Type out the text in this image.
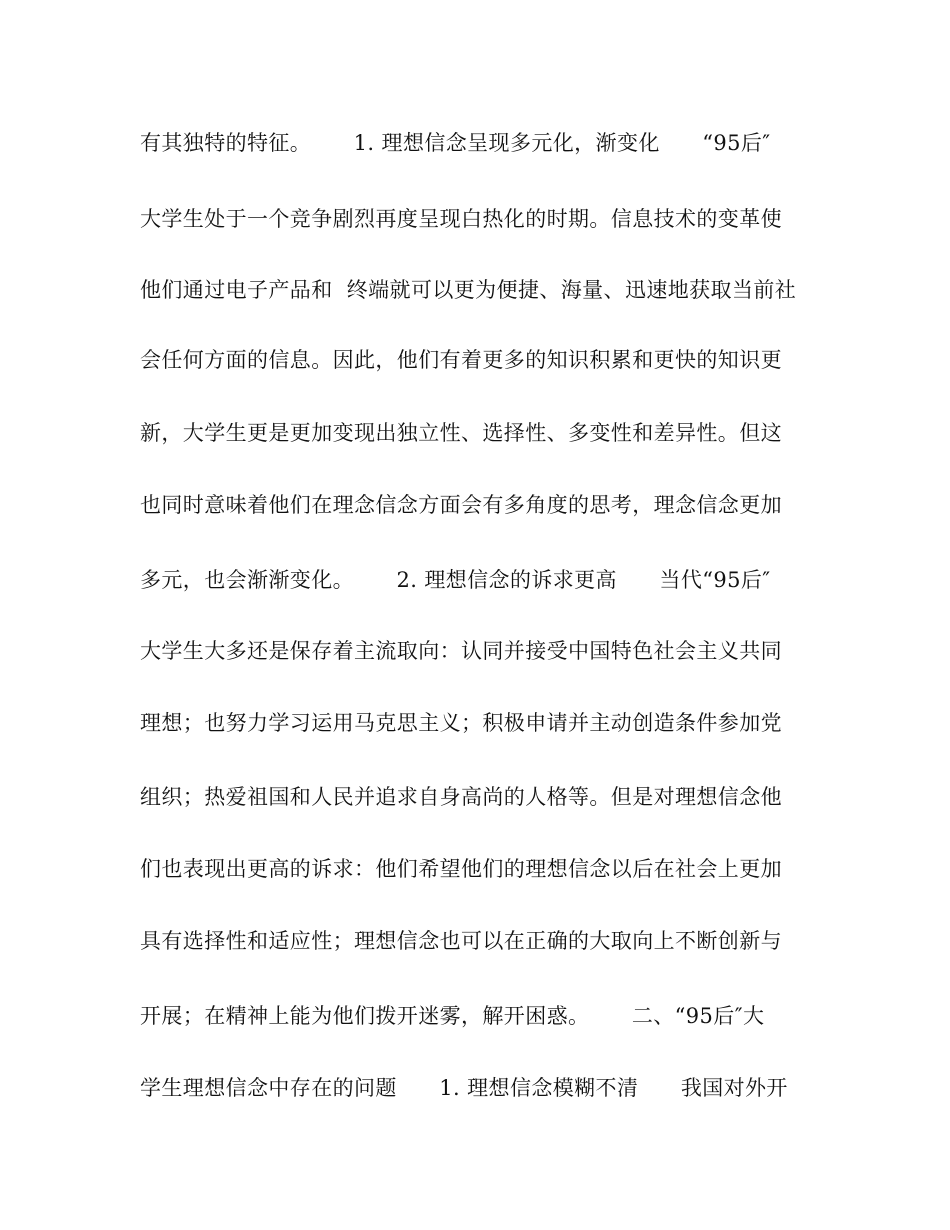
有其独特的特征。      1. 理想信念呈现多元化，渐变化      “95后″
大学生处于一个竞争剧烈再度呈现白热化的时期。信息技术的变革使
他们通过电子产品和  终端就可以更为便捷、海量、迅速地获取当前社
会任何方面的信息。因此，他们有着更多的知识积累和更快的知识更
新，大学生更是更加变现出独立性、选择性、多变性和差异性。但这
也同时意味着他们在理念信念方面会有多角度的思考，理念信念更加
多元，也会渐渐变化。      2. 理想信念的诉求更高      当代“95后″
大学生大多还是保存着主流取向：认同并接受中国特色社会主义共同
理想；也努力学习运用马克思主义；积极申请并主动创造条件参加党
组织；热爱祖国和人民并追求自身高尚的人格等。但是对理想信念他
们也表现出更高的诉求：他们希望他们的理想信念以后在社会上更加
具有选择性和适应性；理想信念也可以在正确的大取向上不断创新与
开展；在精神上能为他们拨开迷雾，解开困惑。      二、“95后″大
学生理想信念中存在的问题      1. 理想信念模糊不清      我国对外开
